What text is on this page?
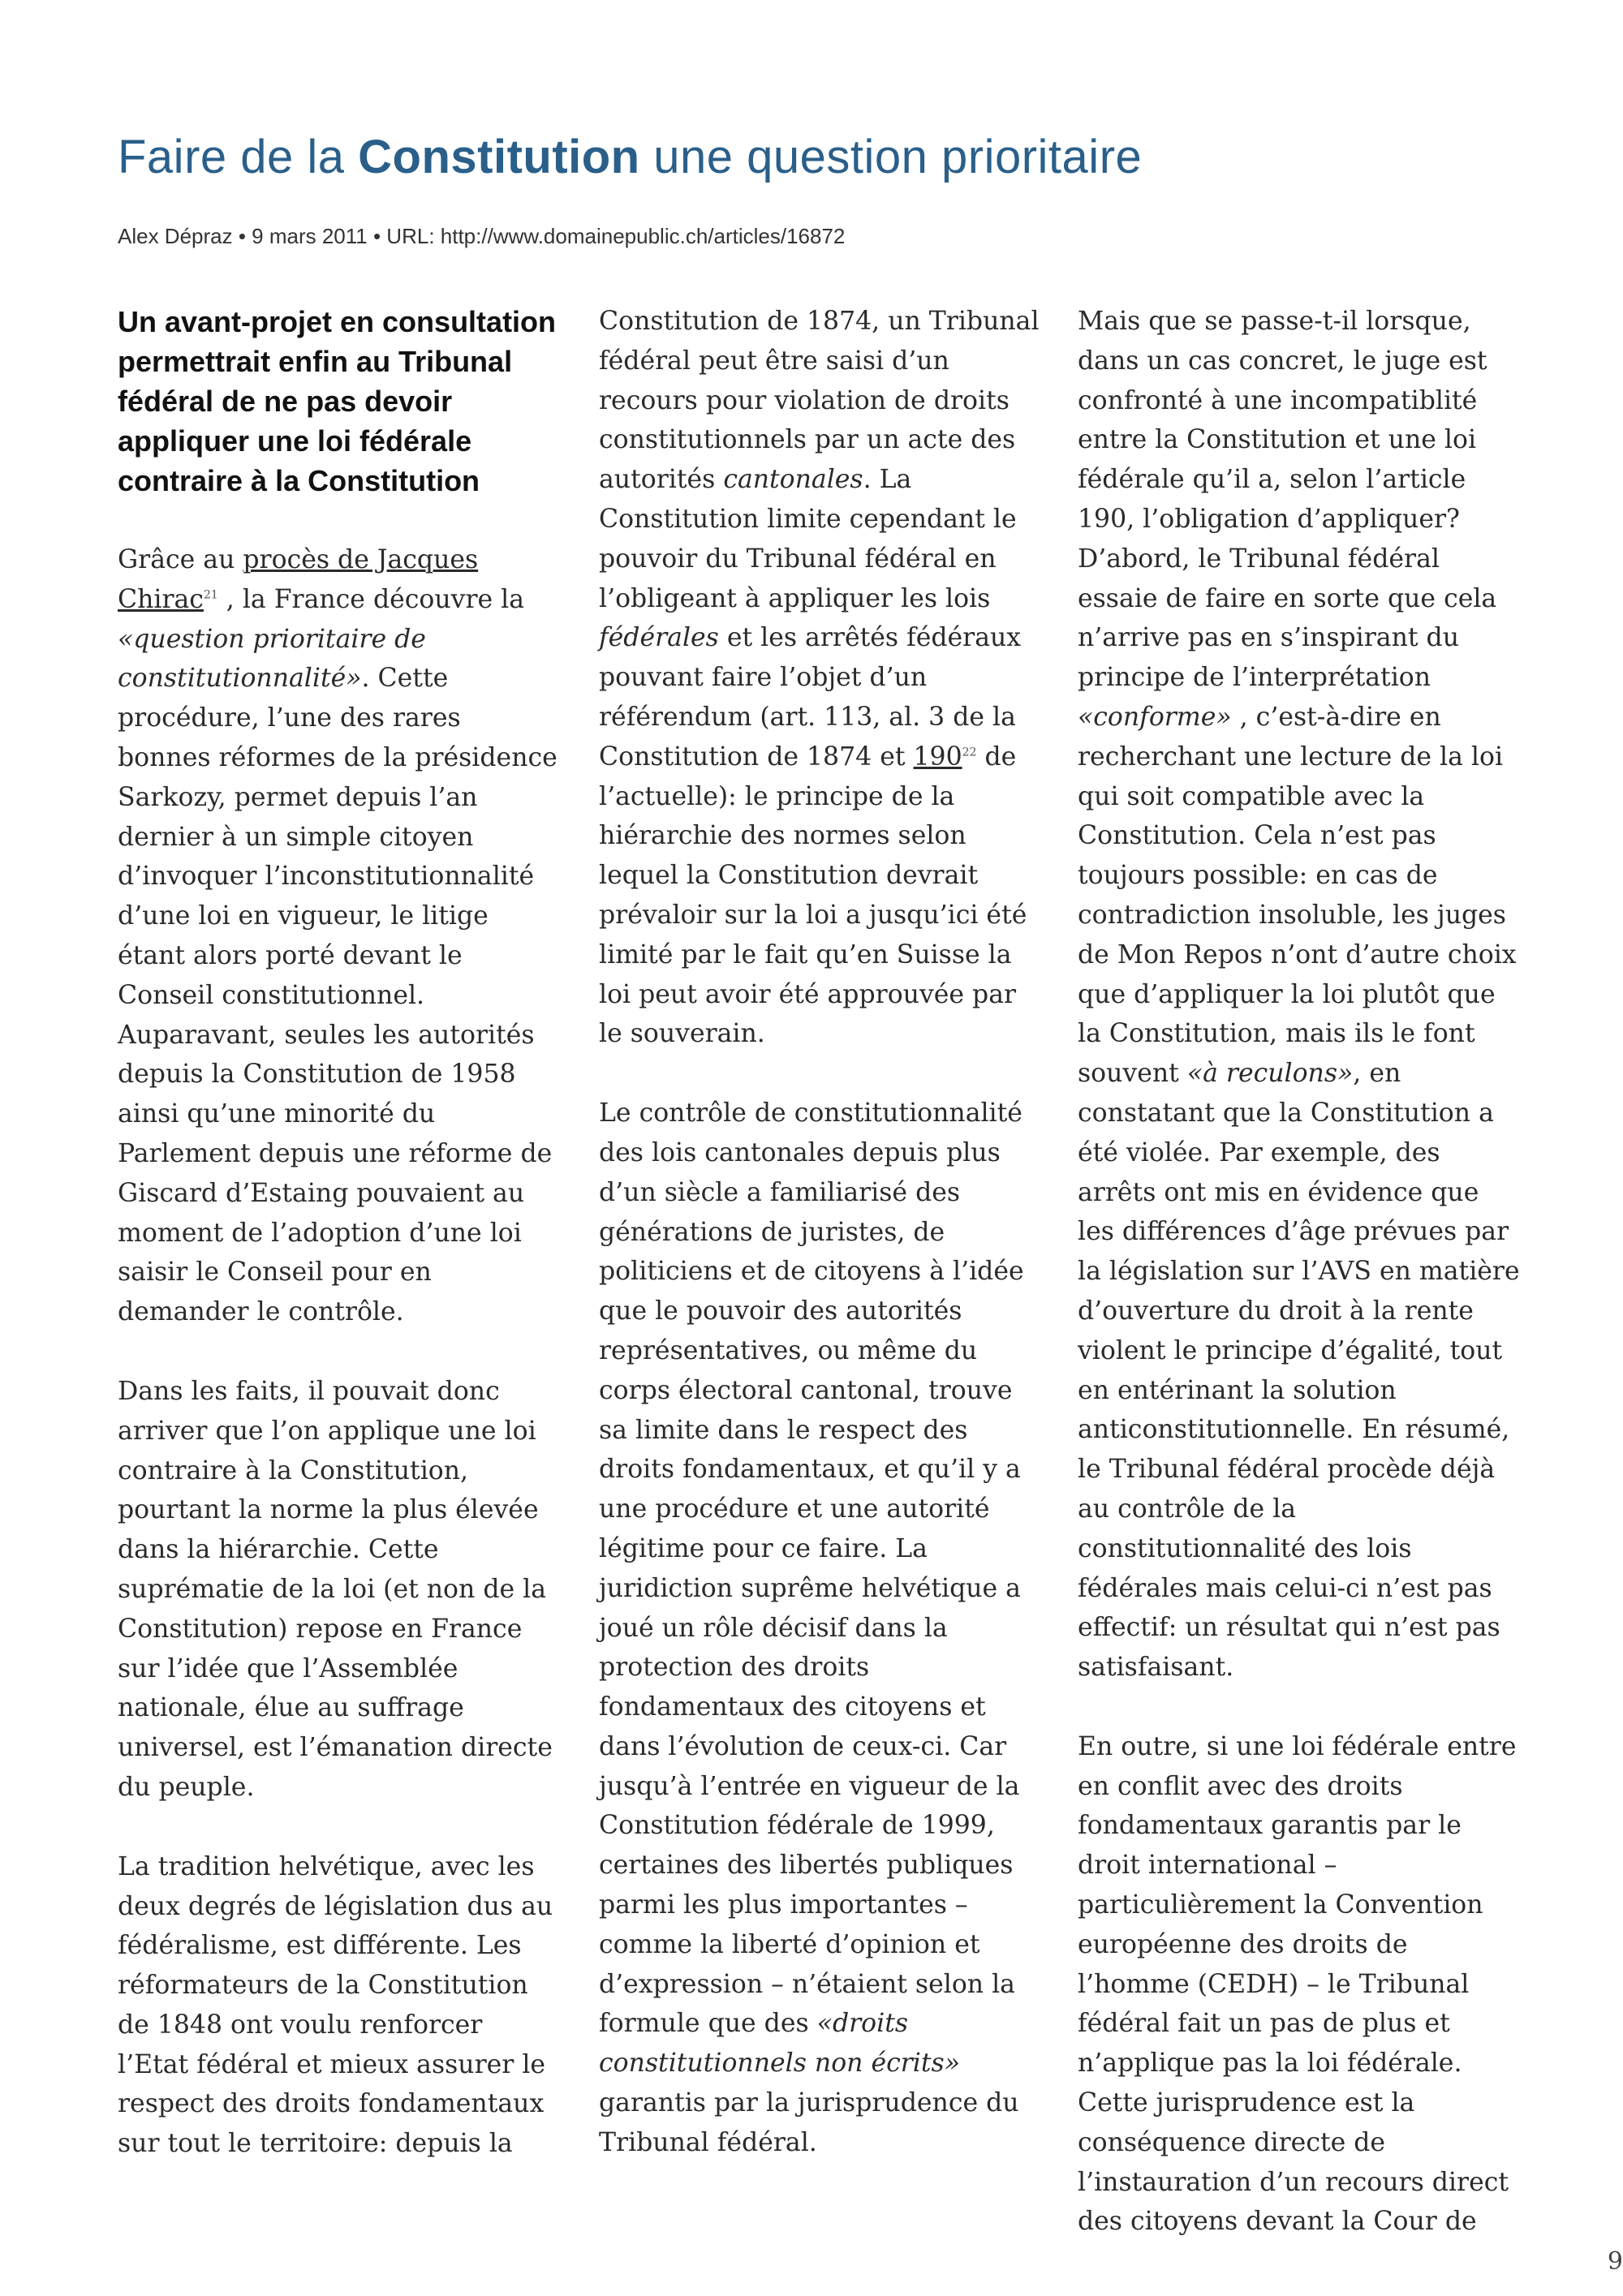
Faire de la Constitution une question prioritaire
Alex Dépraz • 9 mars 2011 • URL: http://www.domainepublic.ch/articles/16872

Un avant-projet en consultation permettrait enfin au Tribunal fédéral de ne pas devoir appliquer une loi fédérale contraire à la Constitution

Grâce au procès de Jacques Chirac$^{21}$ , la France découvre la «question prioritaire de constitutionnalité». Cette procédure, l’une des rares bonnes réformes de la présidence Sarkozy, permet depuis l’an dernier à un simple citoyen d’invoquer l’inconstitutionnalité d’une loi en vigueur, le litige étant alors porté devant le Conseil constitutionnel. Auparavant, seules les autorités depuis la Constitution de 1958 ainsi qu’une minorité du Parlement depuis une réforme de Giscard d’Estaing pouvaient au moment de l’adoption d’une loi saisir le Conseil pour en demander le contrôle.

Dans les faits, il pouvait donc arriver que l’on applique une loi contraire à la Constitution, pourtant la norme la plus élevée dans la hiérarchie. Cette suprématie de la loi (et non de la Constitution) repose en France sur l’idée que l’Assemblée nationale, élue au suffrage universel, est l’émanation directe du peuple.

La tradition helvétique, avec les deux degrés de législation dus au fédéralisme, est différente. Les réformateurs de la Constitution de 1848 ont voulu renforcer l’Etat fédéral et mieux assurer le respect des droits fondamentaux sur tout le territoire: depuis la

Constitution de 1874, un Tribunal fédéral peut être saisi d’un recours pour violation de droits constitutionnels par un acte des autorités cantonales. La Constitution limite cependant le pouvoir du Tribunal fédéral en l’obligeant à appliquer les lois fédérales et les arrêtés fédéraux pouvant faire l’objet d’un référendum (art. 113, al. 3 de la Constitution de 1874 et $190^{22}$ de l’actuelle): le principe de la hiérarchie des normes selon lequel la Constitution devrait prévaloir sur la loi a jusqu’ici été limité par le fait qu’en Suisse la loi peut avoir été approuvée par le souverain.

Le contrôle de constitutionnalité des lois cantonales depuis plus d’un siècle a familiarisé des générations de juristes, de politiciens et de citoyens à l’idée que le pouvoir des autorités représentatives, ou même du corps électoral cantonal, trouve sa limite dans le respect des droits fondamentaux, et qu’il y a une procédure et une autorité légitime pour ce faire. La juridiction suprême helvétique a joué un rôle décisif dans la protection des droits fondamentaux des citoyens et dans l’évolution de ceux-ci. Car jusqu’à l’entrée en vigueur de la Constitution fédérale de 1999, certaines des libertés publiques parmi les plus importantes – comme la liberté d’opinion et d’expression – n’étaient selon la formule que des «droits constitutionnels non écrits» garantis par la jurisprudence du Tribunal fédéral.

Mais que se passe-t-il lorsque, dans un cas concret, le juge est confronté à une incompatiblité entre la Constitution et une loi fédérale qu’il a, selon l’article 190, l’obligation d’appliquer? D’abord, le Tribunal fédéral essaie de faire en sorte que cela n’arrive pas en s’inspirant du principe de l’interprétation «conforme» , c’est-à-dire en recherchant une lecture de la loi qui soit compatible avec la Constitution. Cela n’est pas toujours possible: en cas de contradiction insoluble, les juges de Mon Repos n’ont d’autre choix que d’appliquer la loi plutôt que la Constitution, mais ils le font souvent «à reculons», en constatant que la Constitution a été violée. Par exemple, des arrêts ont mis en évidence que les différences d’âge prévues par la législation sur l’AVS en matière d’ouverture du droit à la rente violent le principe d’égalité, tout en entérinant la solution anticonstitutionnelle. En résumé, le Tribunal fédéral procède déjà au contrôle de la constitutionnalité des lois fédérales mais celui-ci n’est pas effectif: un résultat qui n’est pas satisfaisant.

En outre, si une loi fédérale entre en conflit avec des droits fondamentaux garantis par le droit international – particulièrement la Convention européenne des droits de l’homme (CEDH) – le Tribunal fédéral fait un pas de plus et n’applique pas la loi fédérale. Cette jurisprudence est la conséquence directe de l’instauration d’un recours direct des citoyens devant la Cour de

9
